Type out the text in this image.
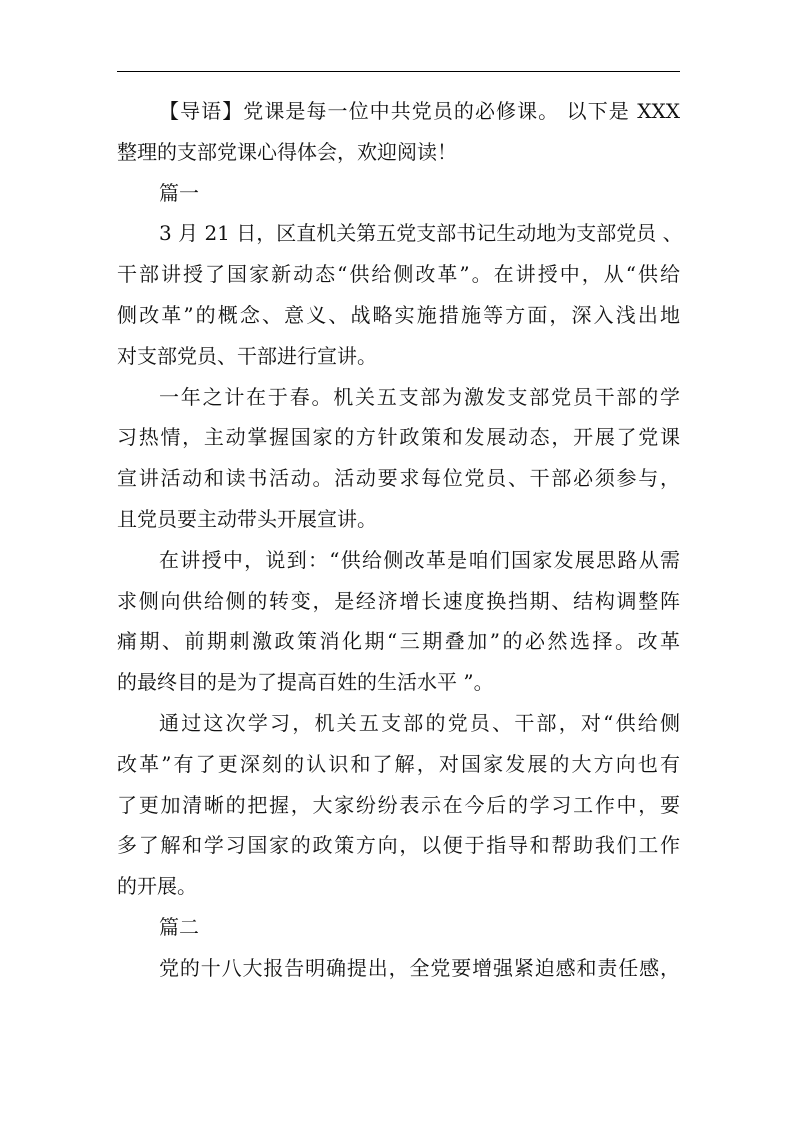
【导语】党课是每一位中共党员的必修课。 以下是 XXX
整理的支部党课心得体会，欢迎阅读！
篇一
3 月 21 日，区直机关第五党支部书记生动地为支部党员 、
干部讲授了国家新动态“供给侧改革”。在讲授中，从“供给
侧改革”的概念、意义、战略实施措施等方面，深入浅出地
对支部党员、干部进行宣讲。
一年之计在于春。机关五支部为激发支部党员干部的学
习热情，主动掌握国家的方针政策和发展动态，开展了党课
宣讲活动和读书活动。活动要求每位党员、干部必须参与，
且党员要主动带头开展宣讲。
在讲授中，说到：“供给侧改革是咱们国家发展思路从需
求侧向供给侧的转变，是经济增长速度换挡期、结构调整阵
痛期、前期刺激政策消化期“三期叠加”的必然选择。改革
的最终目的是为了提高百姓的生活水平 ”。
通过这次学习，机关五支部的党员、干部，对“供给侧
改革”有了更深刻的认识和了解，对国家发展的大方向也有
了更加清晰的把握，大家纷纷表示在今后的学习工作中，要
多了解和学习国家的政策方向，以便于指导和帮助我们工作
的开展。
篇二
党的十八大报告明确提出，全党要增强紧迫感和责任感，
